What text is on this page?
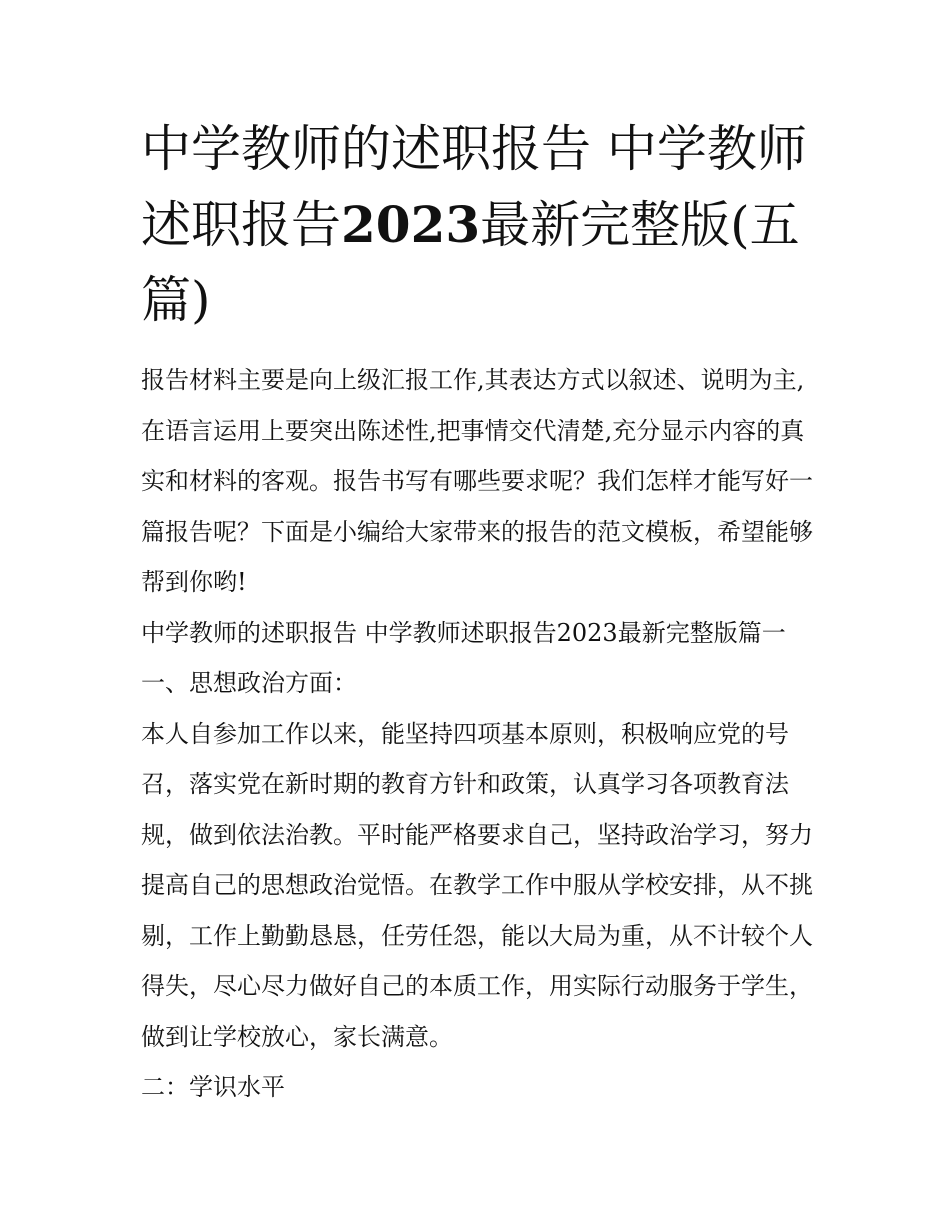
中学教师的述职报告 中学教师述职报告2023最新完整版(五篇)

报告材料主要是向上级汇报工作,其表达方式以叙述、说明为主,在语言运用上要突出陈述性,把事情交代清楚,充分显示内容的真实和材料的客观。报告书写有哪些要求呢？我们怎样才能写好一篇报告呢？下面是小编给大家带来的报告的范文模板，希望能够帮到你哟!

中学教师的述职报告 中学教师述职报告2023最新完整版篇一

一、思想政治方面：

本人自参加工作以来，能坚持四项基本原则，积极响应党的号召，落实党在新时期的教育方针和政策，认真学习各项教育法规，做到依法治教。平时能严格要求自己，坚持政治学习，努力提高自己的思想政治觉悟。在教学工作中服从学校安排，从不挑剔，工作上勤勤恳恳，任劳任怨，能以大局为重，从不计较个人得失，尽心尽力做好自己的本质工作，用实际行动服务于学生，做到让学校放心，家长满意。

二：学识水平
